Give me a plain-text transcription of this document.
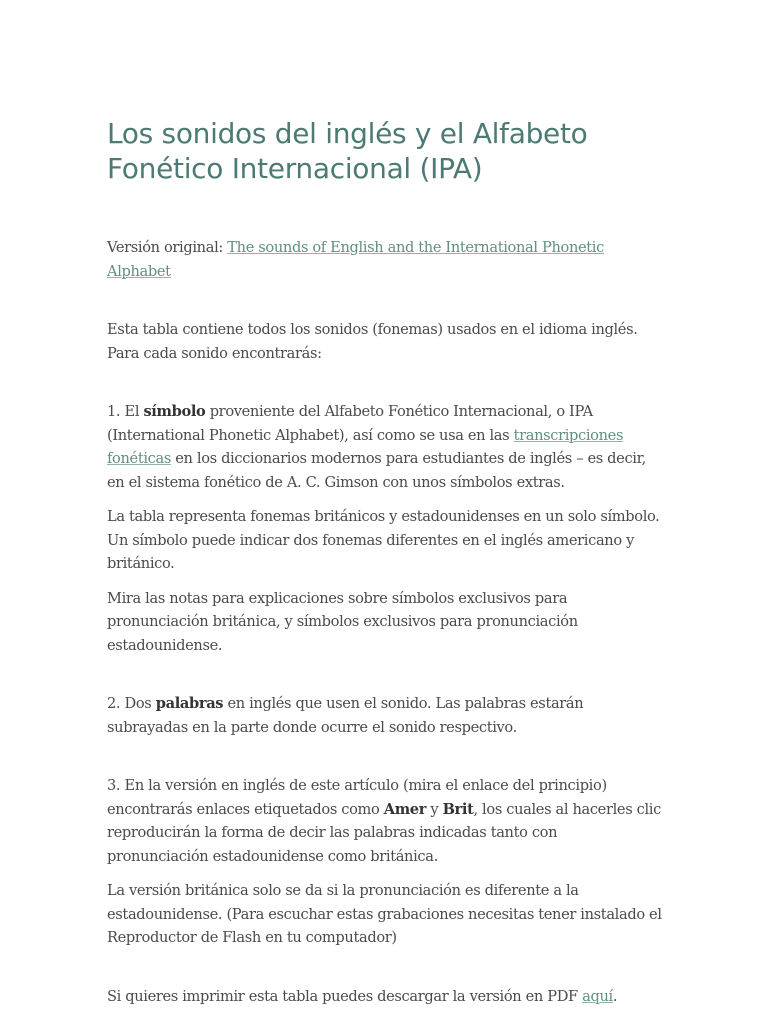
Los sonidos del inglés y el Alfabeto Fonético Internacional (IPA)

Versión original: The sounds of English and the International Phonetic Alphabet

Esta tabla contiene todos los sonidos (fonemas) usados en el idioma inglés. Para cada sonido encontrarás:

1. El símbolo proveniente del Alfabeto Fonético Internacional, o IPA (International Phonetic Alphabet), así como se usa en las transcripciones fonéticas en los diccionarios modernos para estudiantes de inglés – es decir, en el sistema fonético de A. C. Gimson con unos símbolos extras.

La tabla representa fonemas británicos y estadounidenses en un solo símbolo. Un símbolo puede indicar dos fonemas diferentes en el inglés americano y británico.

Mira las notas para explicaciones sobre símbolos exclusivos para pronunciación británica, y símbolos exclusivos para pronunciación estadounidense.

2. Dos palabras en inglés que usen el sonido. Las palabras estarán subrayadas en la parte donde ocurre el sonido respectivo.

3. En la versión en inglés de este artículo (mira el enlace del principio) encontrarás enlaces etiquetados como Amer y Brit, los cuales al hacerles clic reproducirán la forma de decir las palabras indicadas tanto con pronunciación estadounidense como británica.

La versión británica solo se da si la pronunciación es diferente a la estadounidense. (Para escuchar estas grabaciones necesitas tener instalado el Reproductor de Flash en tu computador)

Si quieres imprimir esta tabla puedes descargar la versión en PDF aquí.
